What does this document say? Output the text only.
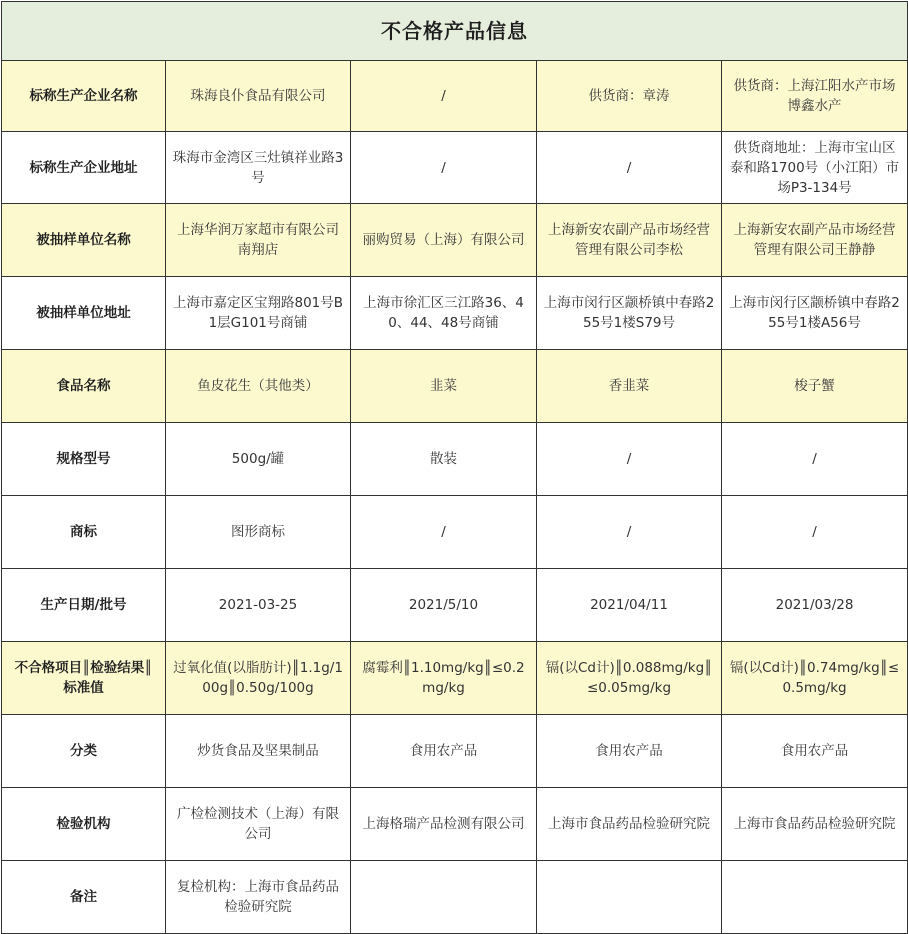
不合格产品信息				
标称生产企业名称	珠海良仆食品有限公司	/	供货商：章涛	供货商：上海江阳水产市场博鑫水产
标称生产企业地址	珠海市金湾区三灶镇祥业路3号	/	/	供货商地址：上海市宝山区泰和路1700号（小江阳）市场P3-134号
被抽样单位名称	上海华润万家超市有限公司南翔店	丽购贸易（上海）有限公司	上海新安农副产品市场经营管理有限公司李松	上海新安农副产品市场经营管理有限公司王静静
被抽样单位地址	上海市嘉定区宝翔路801号B1层G101号商铺	上海市徐汇区三江路36、40、44、48号商铺	上海市闵行区颛桥镇中春路255号1楼S79号	上海市闵行区颛桥镇中春路255号1楼A56号
食品名称	鱼皮花生（其他类）	韭菜	香韭菜	梭子蟹
规格型号	500g/罐	散装	/	/
商标	图形商标	/	/	/
生产日期/批号	2021-03-25	2021/5/10	2021/04/11	2021/03/28
不合格项目║检验结果║标准值	过氧化值(以脂肪计)║1.1g/100g║0.50g/100g	腐霉利║1.10mg/kg║≤0.2mg/kg	镉(以Cd计)║0.088mg/kg║≤0.05mg/kg	镉(以Cd计)║0.74mg/kg║≤0.5mg/kg
分类	炒货食品及坚果制品	食用农产品	食用农产品	食用农产品
检验机构	广检检测技术（上海）有限公司	上海格瑞产品检测有限公司	上海市食品药品检验研究院	上海市食品药品检验研究院
备注	复检机构：上海市食品药品检验研究院			
